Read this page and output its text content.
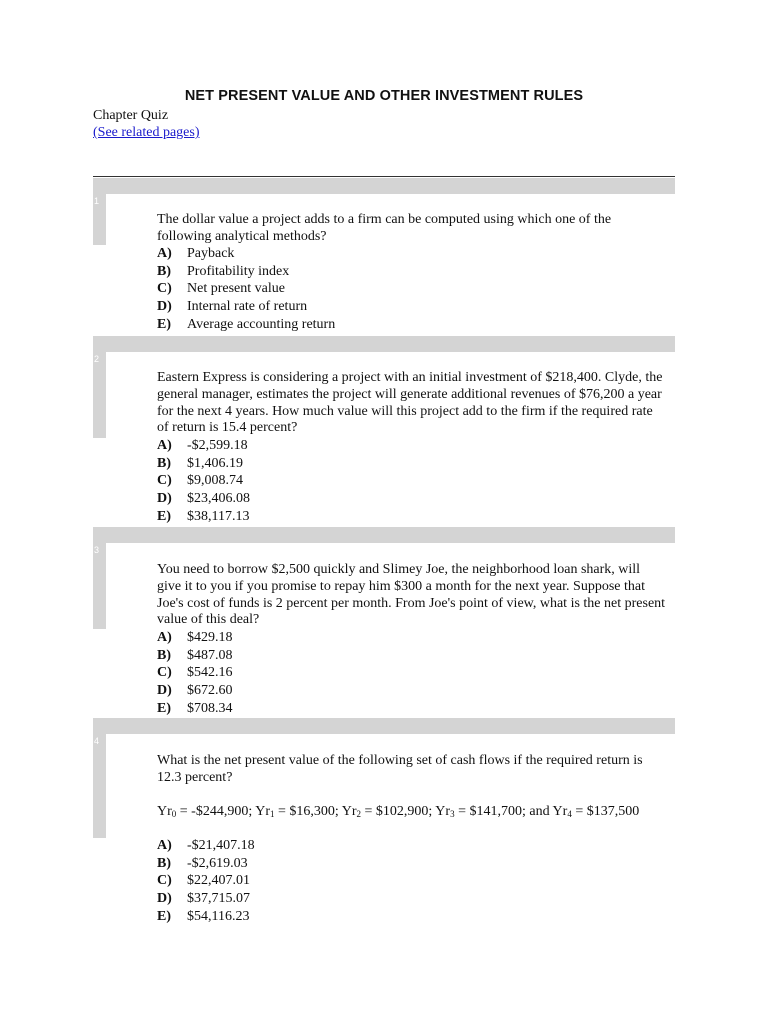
NET PRESENT VALUE AND OTHER INVESTMENT RULES
Chapter Quiz
(See related pages)
1

The dollar value a project adds to a firm can be computed using which one of the following analytical methods?

A) Payback
B) Profitability index
C) Net present value
D) Internal rate of return
E) Average accounting return
2

Eastern Express is considering a project with an initial investment of $218,400. Clyde, the general manager, estimates the project will generate additional revenues of $76,200 a year for the next 4 years. How much value will this project add to the firm if the required rate of return is 15.4 percent?

A) -$2,599.18
B) $1,406.19
C) $9,008.74
D) $23,406.08
E) $38,117.13
3

You need to borrow $2,500 quickly and Slimey Joe, the neighborhood loan shark, will give it to you if you promise to repay him $300 a month for the next year. Suppose that Joe's cost of funds is 2 percent per month. From Joe's point of view, what is the net present value of this deal?

A) $429.18
B) $487.08
C) $542.16
D) $672.60
E) $708.34
4

What is the net present value of the following set of cash flows if the required return is 12.3 percent?

$Yr_0$ = -$244,900; $Yr_1$ = $16,300; $Yr_2$ = $102,900; $Yr_3$ = $141,700; and $Yr_4$ = $137,500

A) -$21,407.18
B) -$2,619.03
C) $22,407.01
D) $37,715.07
E) $54,116.23
